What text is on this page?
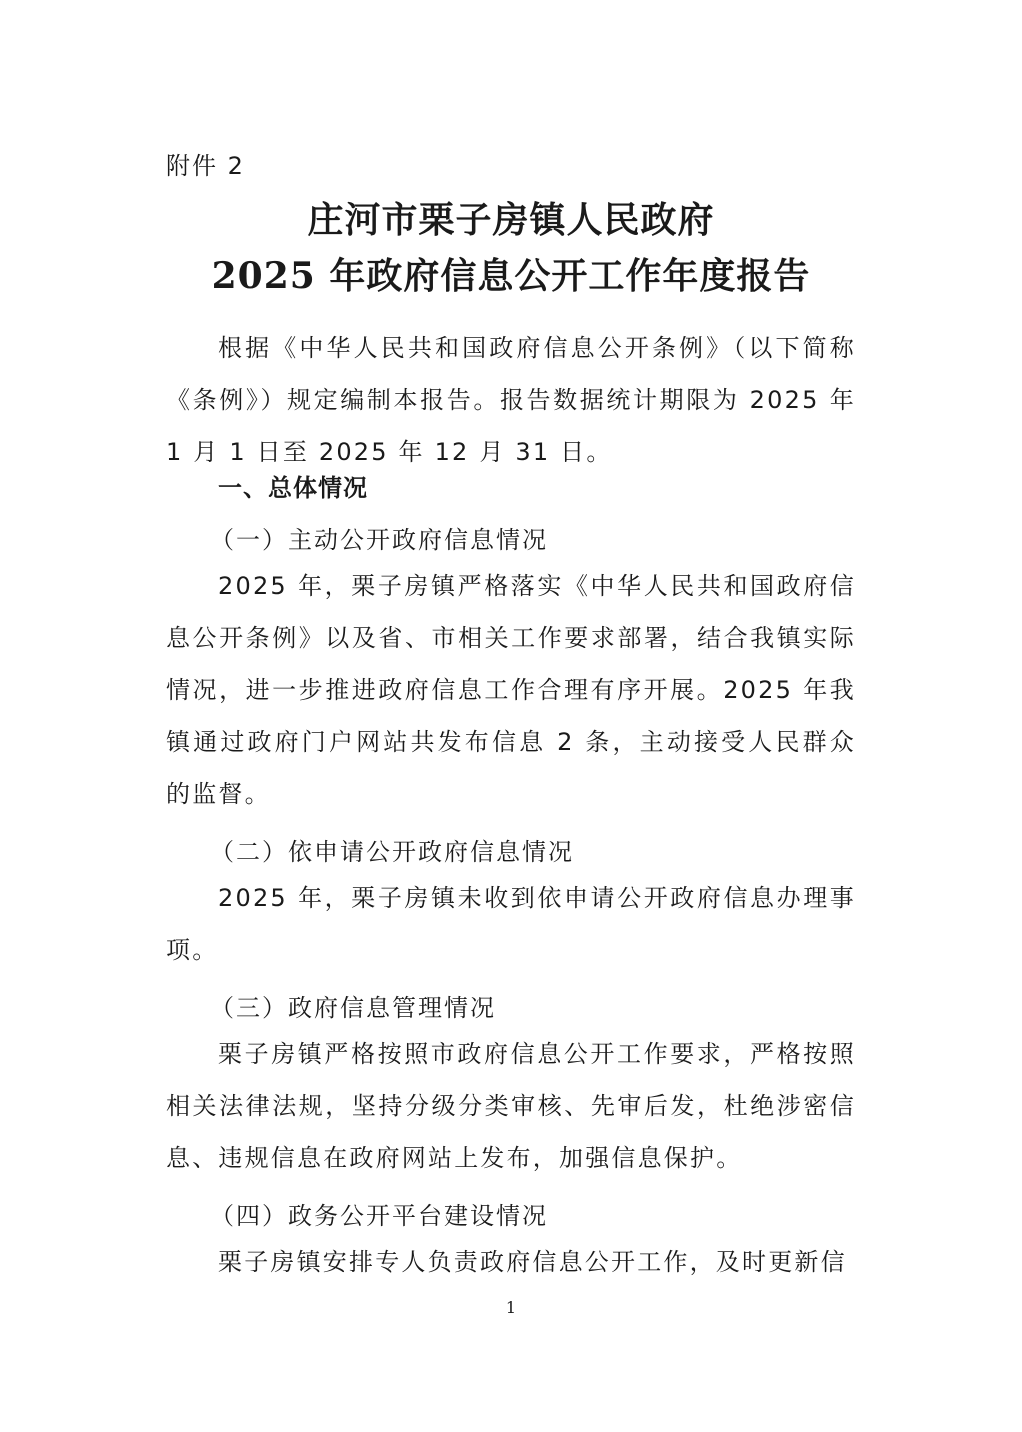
附件 2
庄河市栗子房镇人民政府
2025 年政府信息公开工作年度报告

根据《中华人民共和国政府信息公开条例》（以下简称《条例》）规定编制本报告。报告数据统计期限为 2025 年 1 月 1 日至 2025 年 12 月 31 日。

一、总体情况
（一）主动公开政府信息情况

2025 年，栗子房镇严格落实《中华人民共和国政府信息公开条例》以及省、市相关工作要求部署，结合我镇实际情况，进一步推进政府信息工作合理有序开展。2025 年我镇通过政府门户网站共发布信息 2 条，主动接受人民群众的监督。

（二）依申请公开政府信息情况

2025 年，栗子房镇未收到依申请公开政府信息办理事项。

（三）政府信息管理情况

栗子房镇严格按照市政府信息公开工作要求，严格按照相关法律法规，坚持分级分类审核、先审后发，杜绝涉密信息、违规信息在政府网站上发布，加强信息保护。

（四）政务公开平台建设情况

栗子房镇安排专人负责政府信息公开工作，及时更新信

1
